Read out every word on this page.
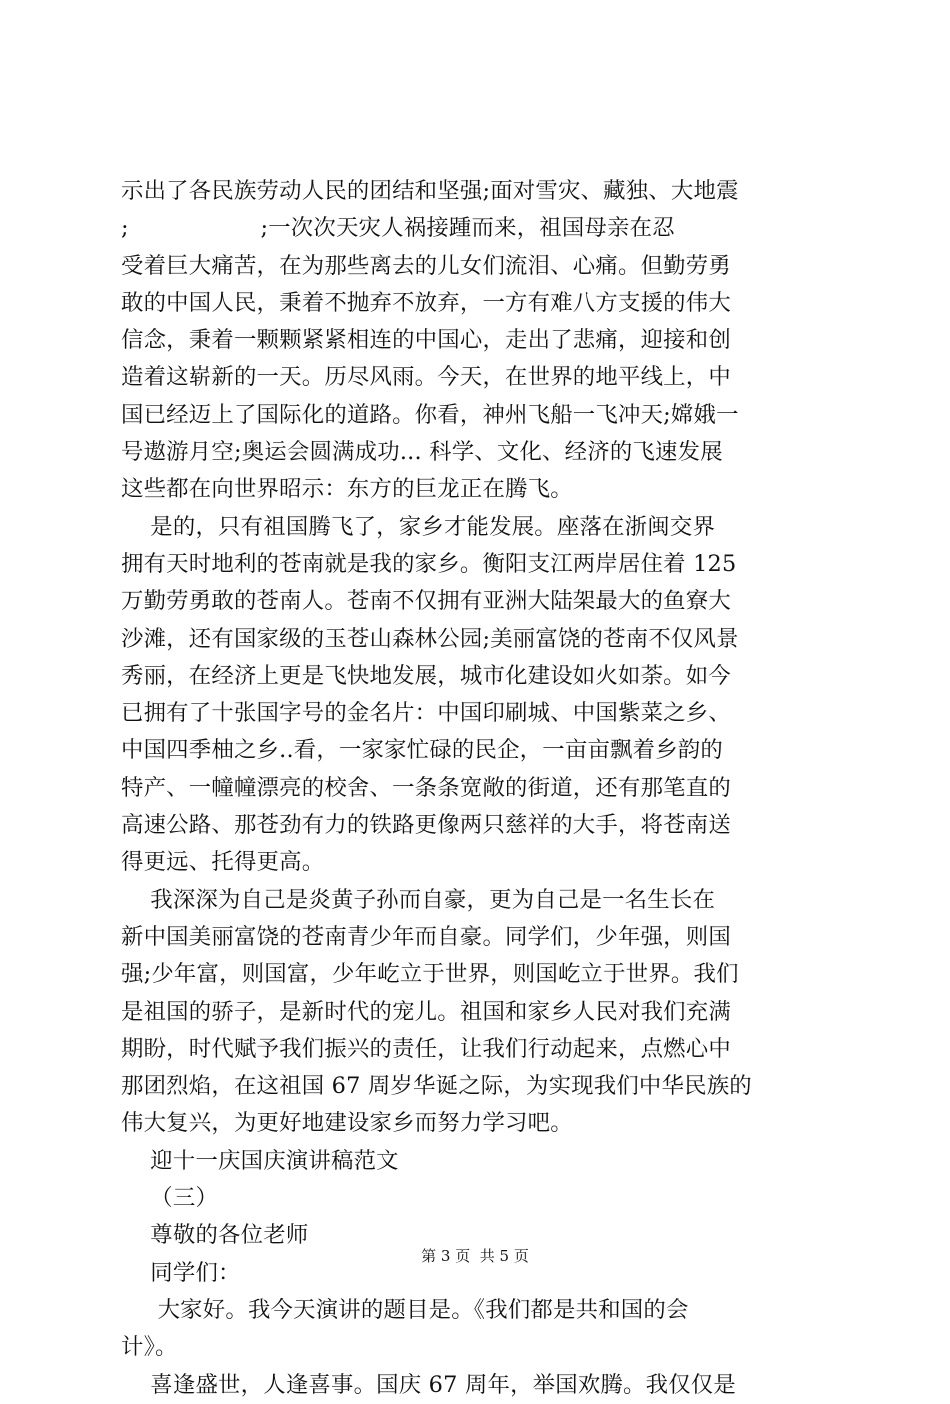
示出了各民族劳动人民的团结和坚强;面对雪灾、藏独、大地震
;                  ;一次次天灾人祸接踵而来，祖国母亲在忍
受着巨大痛苦，在为那些离去的儿女们流泪、心痛。但勤劳勇
敢的中国人民，秉着不抛弃不放弃，一方有难八方支援的伟大
信念，秉着一颗颗紧紧相连的中国心，走出了悲痛，迎接和创
造着这崭新的一天。历尽风雨。今天，在世界的地平线上，中
国已经迈上了国际化的道路。你看，神州飞船一飞冲天;嫦娥一
号遨游月空;奥运会圆满成功... 科学、文化、经济的飞速发展
这些都在向世界昭示：东方的巨龙正在腾飞。
是的，只有祖国腾飞了，家乡才能发展。座落在浙闽交界
拥有天时地利的苍南就是我的家乡。衡阳支江两岸居住着 125
万勤劳勇敢的苍南人。苍南不仅拥有亚洲大陆架最大的鱼寮大
沙滩，还有国家级的玉苍山森林公园;美丽富饶的苍南不仅风景
秀丽，在经济上更是飞快地发展，城市化建设如火如荼。如今
已拥有了十张国字号的金名片：中国印刷城、中国紫菜之乡、
中国四季柚之乡..看，一家家忙碌的民企，一亩亩飘着乡韵的
特产、一幢幢漂亮的校舍、一条条宽敞的街道，还有那笔直的
高速公路、那苍劲有力的铁路更像两只慈祥的大手，将苍南送
得更远、托得更高。
我深深为自己是炎黄子孙而自豪，更为自己是一名生长在
新中国美丽富饶的苍南青少年而自豪。同学们，少年强，则国
强;少年富，则国富，少年屹立于世界，则国屹立于世界。我们
是祖国的骄子，是新时代的宠儿。祖国和家乡人民对我们充满
期盼，时代赋予我们振兴的责任，让我们行动起来，点燃心中
那团烈焰，在这祖国 67 周岁华诞之际，为实现我们中华民族的
伟大复兴，为更好地建设家乡而努力学习吧。
迎十一庆国庆演讲稿范文
（三）
尊敬的各位老师
同学们：
大家好。我今天演讲的题目是。《我们都是共和国的会
计》。
喜逢盛世，人逢喜事。国庆 67 周年，举国欢腾。我仅仅是
第 3 页  共 5 页
